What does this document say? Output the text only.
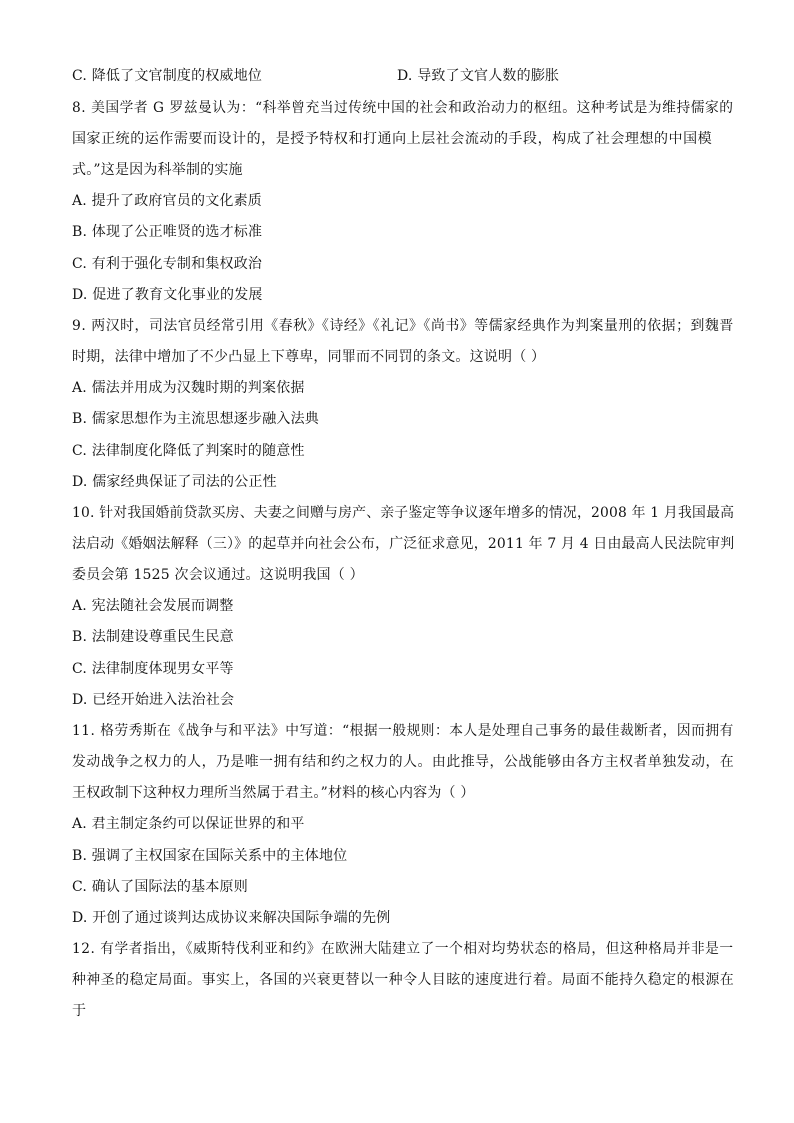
C. 降低了文官制度的权威地位	D. 导致了文官人数的膨胀
8. 美国学者 G 罗兹曼认为：“科举曾充当过传统中国的社会和政治动力的枢纽。这种考试是为维持儒家的
国家正统的运作需要而设计的，是授予特权和打通向上层社会流动的手段，构成了社会理想的中国模
式。”这是因为科举制的实施
A. 提升了政府官员的文化素质
B. 体现了公正唯贤的选才标准
C. 有利于强化专制和集权政治
D. 促进了教育文化事业的发展
9. 两汉时，司法官员经常引用《春秋》《诗经》《礼记》《尚书》等儒家经典作为判案量刑的依据；到魏晋
时期，法律中增加了不少凸显上下尊卑，同罪而不同罚的条文。这说明（ ）
A. 儒法并用成为汉魏时期的判案依据
B. 儒家思想作为主流思想逐步融入法典
C. 法律制度化降低了判案时的随意性
D. 儒家经典保证了司法的公正性
10. 针对我国婚前贷款买房、夫妻之间赠与房产、亲子鉴定等争议逐年增多的情况，2008 年 1 月我国最高
法启动《婚姻法解释（三）》的起草并向社会公布，广泛征求意见，2011 年 7 月 4 日由最高人民法院审判
委员会第 1525 次会议通过。这说明我国（ ）
A. 宪法随社会发展而调整
B. 法制建设尊重民生民意
C. 法律制度体现男女平等
D. 已经开始进入法治社会
11. 格劳秀斯在《战争与和平法》中写道：“根据一般规则：本人是处理自己事务的最佳裁断者，因而拥有
发动战争之权力的人，乃是唯一拥有结和约之权力的人。由此推导，公战能够由各方主权者单独发动，在
王权政制下这种权力理所当然属于君主。”材料的核心内容为（ ）
A. 君主制定条约可以保证世界的和平
B. 强调了主权国家在国际关系中的主体地位
C. 确认了国际法的基本原则
D. 开创了通过谈判达成协议来解决国际争端的先例
12. 有学者指出，《威斯特伐利亚和约》在欧洲大陆建立了一个相对均势状态的格局，但这种格局并非是一
种神圣的稳定局面。事实上，各国的兴衰更替以一种令人目眩的速度进行着。局面不能持久稳定的根源在
于
